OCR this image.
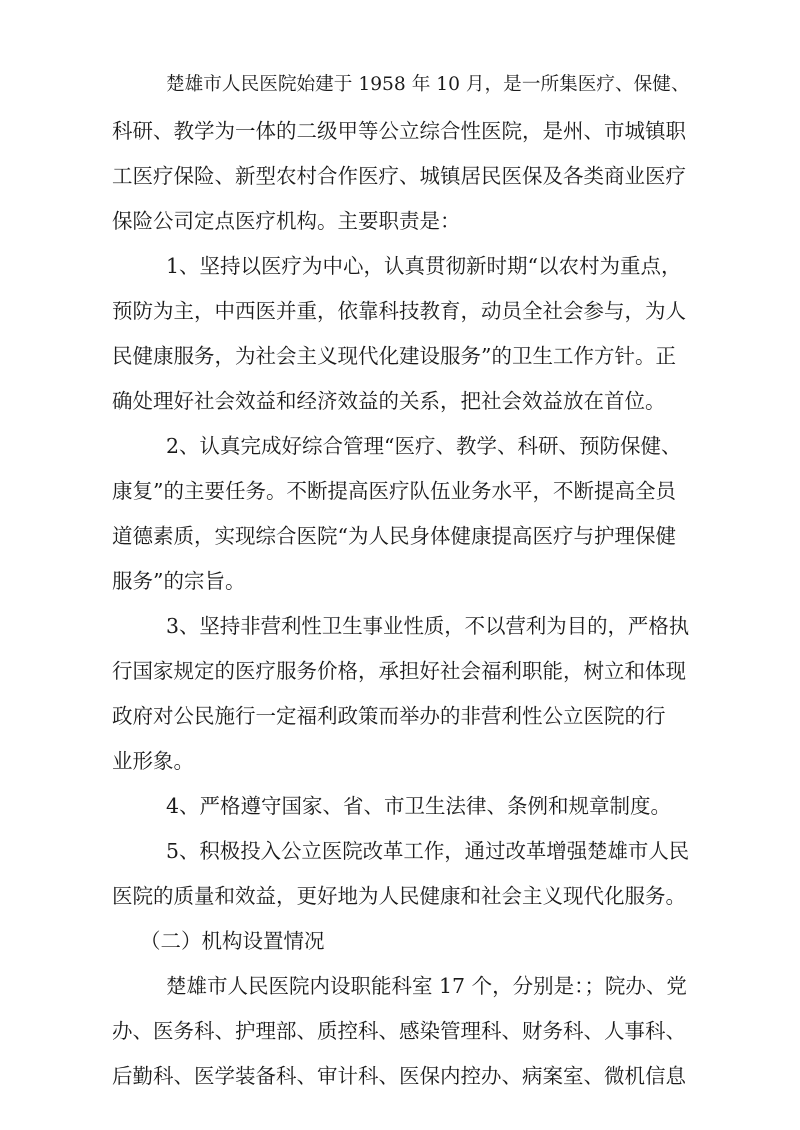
楚雄市人民医院始建于 1958 年 10 月，是一所集医疗、保健、
科研、教学为一体的二级甲等公立综合性医院，是州、市城镇职
工医疗保险、新型农村合作医疗、城镇居民医保及各类商业医疗
保险公司定点医疗机构。主要职责是：
1、坚持以医疗为中心，认真贯彻新时期“以农村为重点，
预防为主，中西医并重，依靠科技教育，动员全社会参与，为人
民健康服务，为社会主义现代化建设服务”的卫生工作方针。正
确处理好社会效益和经济效益的关系，把社会效益放在首位。
2、认真完成好综合管理“医疗、教学、科研、预防保健、
康复”的主要任务。不断提高医疗队伍业务水平，不断提高全员
道德素质，实现综合医院“为人民身体健康提高医疗与护理保健
服务”的宗旨。
3、坚持非营利性卫生事业性质，不以营利为目的，严格执
行国家规定的医疗服务价格，承担好社会福利职能，树立和体现
政府对公民施行一定福利政策而举办的非营利性公立医院的行
业形象。
4、严格遵守国家、省、市卫生法律、条例和规章制度。
5、积极投入公立医院改革工作，通过改革增强楚雄市人民
医院的质量和效益，更好地为人民健康和社会主义现代化服务。
（二）机构设置情况
楚雄市人民医院内设职能科室 17 个，分别是：；院办、党
办、医务科、护理部、质控科、感染管理科、财务科、人事科、
后勤科、医学装备科、审计科、医保内控办、病案室、微机信息
